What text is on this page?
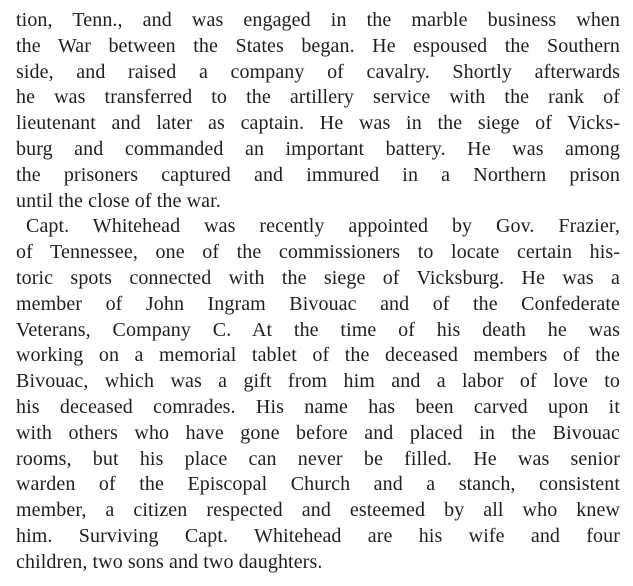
tion, Tenn., and was engaged in the marble business when
the War between the States began. He espoused the Southern
side, and raised a company of cavalry. Shortly afterwards
he was transferred to the artillery service with the rank of
lieutenant and later as captain. He was in the siege of Vicks-
burg and commanded an important battery. He was among
the prisoners captured and immured in a Northern prison
until the close of the war.
Capt. Whitehead was recently appointed by Gov. Frazier,
of Tennessee, one of the commissioners to locate certain his-
toric spots connected with the siege of Vicksburg. He was a
member of John Ingram Bivouac and of the Confederate
Veterans, Company C. At the time of his death he was
working on a memorial tablet of the deceased members of the
Bivouac, which was a gift from him and a labor of love to
his deceased comrades. His name has been carved upon it
with others who have gone before and placed in the Bivouac
rooms, but his place can never be filled. He was senior
warden of the Episcopal Church and a stanch, consistent
member, a citizen respected and esteemed by all who knew
him. Surviving Capt. Whitehead are his wife and four
children, two sons and two daughters.
